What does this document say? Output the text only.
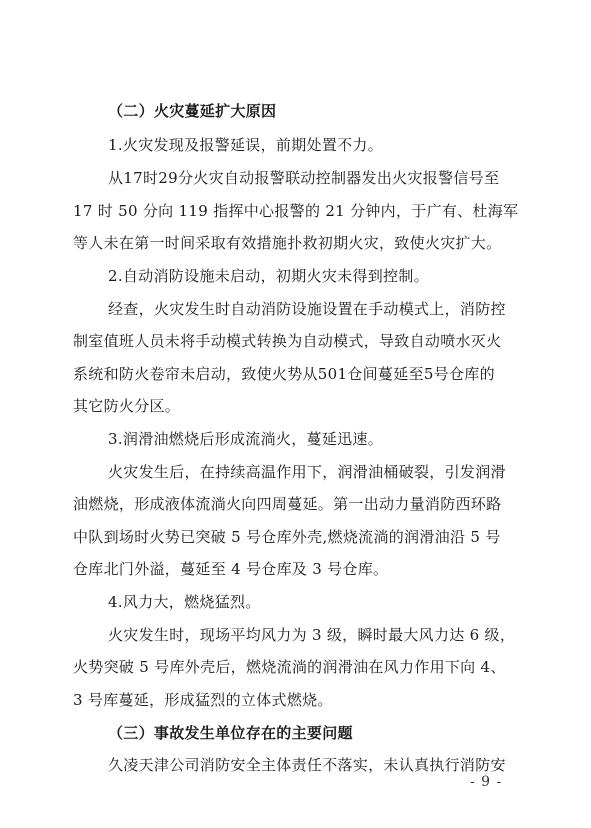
（二）火灾蔓延扩大原因
1.火灾发现及报警延误，前期处置不力。
从17时29分火灾自动报警联动控制器发出火灾报警信号至
17 时 50 分向 119 指挥中心报警的 21 分钟内，于广有、杜海军
等人未在第一时间采取有效措施扑救初期火灾，致使火灾扩大。
2.自动消防设施未启动，初期火灾未得到控制。
经查，火灾发生时自动消防设施设置在手动模式上，消防控
制室值班人员未将手动模式转换为自动模式，导致自动喷水灭火
系统和防火卷帘未启动，致使火势从501仓间蔓延至5号仓库的
其它防火分区。
3.润滑油燃烧后形成流淌火，蔓延迅速。
火灾发生后，在持续高温作用下，润滑油桶破裂，引发润滑
油燃烧，形成液体流淌火向四周蔓延。第一出动力量消防西环路
中队到场时火势已突破 5 号仓库外壳,燃烧流淌的润滑油沿 5 号
仓库北门外溢，蔓延至 4 号仓库及 3 号仓库。
4.风力大，燃烧猛烈。
火灾发生时，现场平均风力为 3 级，瞬时最大风力达 6 级，
火势突破 5 号库外壳后，燃烧流淌的润滑油在风力作用下向 4、
3 号库蔓延，形成猛烈的立体式燃烧。
（三）事故发生单位存在的主要问题
久凌天津公司消防安全主体责任不落实，未认真执行消防安
- 9 -
